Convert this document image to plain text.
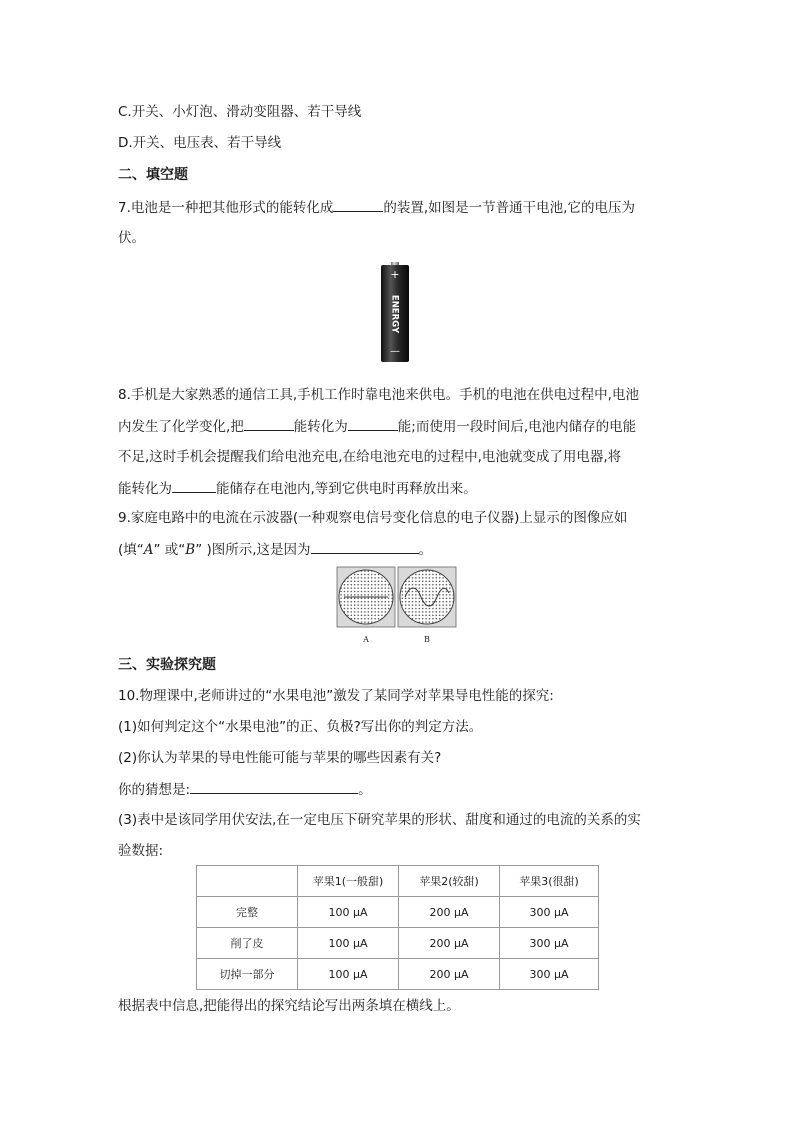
C.开关、小灯泡、滑动变阻器、若干导线
D.开关、电压表、若干导线
二、填空题
7.电池是一种把其他形式的能转化成	的装置,如图是一节普通干电池,它的电压为
伏。
+
ENERGY
—
8.手机是大家熟悉的通信工具,手机工作时靠电池来供电。手机的电池在供电过程中,电池
内发生了化学变化,把	能转化为	能;而使用一段时间后,电池内储存的电能
不足,这时手机会提醒我们给电池充电,在给电池充电的过程中,电池就变成了用电器,将
能转化为	能储存在电池内,等到它供电时再释放出来。
9.家庭电路中的电流在示波器(一种观察电信号变化信息的电子仪器)上显示的图像应如
(填“A” 或“B” )图所示,这是因为	。
A	B
三、实验探究题
10.物理课中,老师讲过的“水果电池”激发了某同学对苹果导电性能的探究:
(1)如何判定这个“水果电池”的正、负极?写出你的判定方法。
(2)你认为苹果的导电性能可能与苹果的哪些因素有关?
你的猜想是:	。
(3)表中是该同学用伏安法,在一定电压下研究苹果的形状、甜度和通过的电流的关系的实
验数据:
	苹果1(一般甜)	苹果2(较甜)	苹果3(很甜)
完整	100 μA	200 μA	300 μA
削了皮	100 μA	200 μA	300 μA
切掉一部分	100 μA	200 μA	300 μA
根据表中信息,把能得出的探究结论写出两条填在横线上。
